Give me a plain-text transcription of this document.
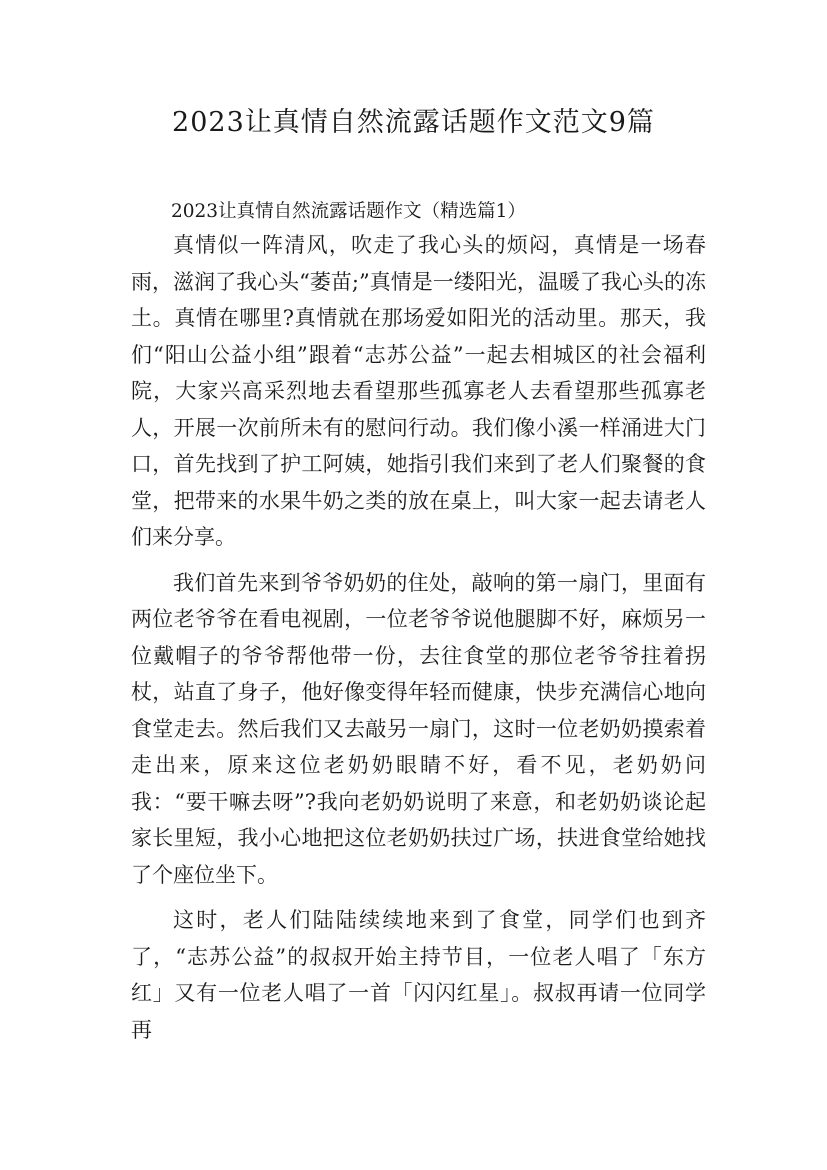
2023让真情自然流露话题作文范文9篇

2023让真情自然流露话题作文（精选篇1）

真情似一阵清风，吹走了我心头的烦闷，真情是一场春雨，滋润了我心头“萎苗;”真情是一缕阳光，温暖了我心头的冻土。真情在哪里?真情就在那场爱如阳光的活动里。那天，我们“阳山公益小组”跟着“志苏公益”一起去相城区的社会福利院，大家兴高采烈地去看望那些孤寡老人去看望那些孤寡老人，开展一次前所未有的慰问行动。我们像小溪一样涌进大门口，首先找到了护工阿姨，她指引我们来到了老人们聚餐的食堂，把带来的水果牛奶之类的放在桌上，叫大家一起去请老人们来分享。

我们首先来到爷爷奶奶的住处，敲响的第一扇门，里面有两位老爷爷在看电视剧，一位老爷爷说他腿脚不好，麻烦另一位戴帽子的爷爷帮他带一份，去往食堂的那位老爷爷拄着拐杖，站直了身子，他好像变得年轻而健康，快步充满信心地向食堂走去。然后我们又去敲另一扇门，这时一位老奶奶摸索着走出来，原来这位老奶奶眼睛不好，看不见，老奶奶问我：“要干嘛去呀”?我向老奶奶说明了来意，和老奶奶谈论起家长里短，我小心地把这位老奶奶扶过广场，扶进食堂给她找了个座位坐下。

这时，老人们陆陆续续地来到了食堂，同学们也到齐了，“志苏公益”的叔叔开始主持节目，一位老人唱了「东方红」又有一位老人唱了一首「闪闪红星」。叔叔再请一位同学再
